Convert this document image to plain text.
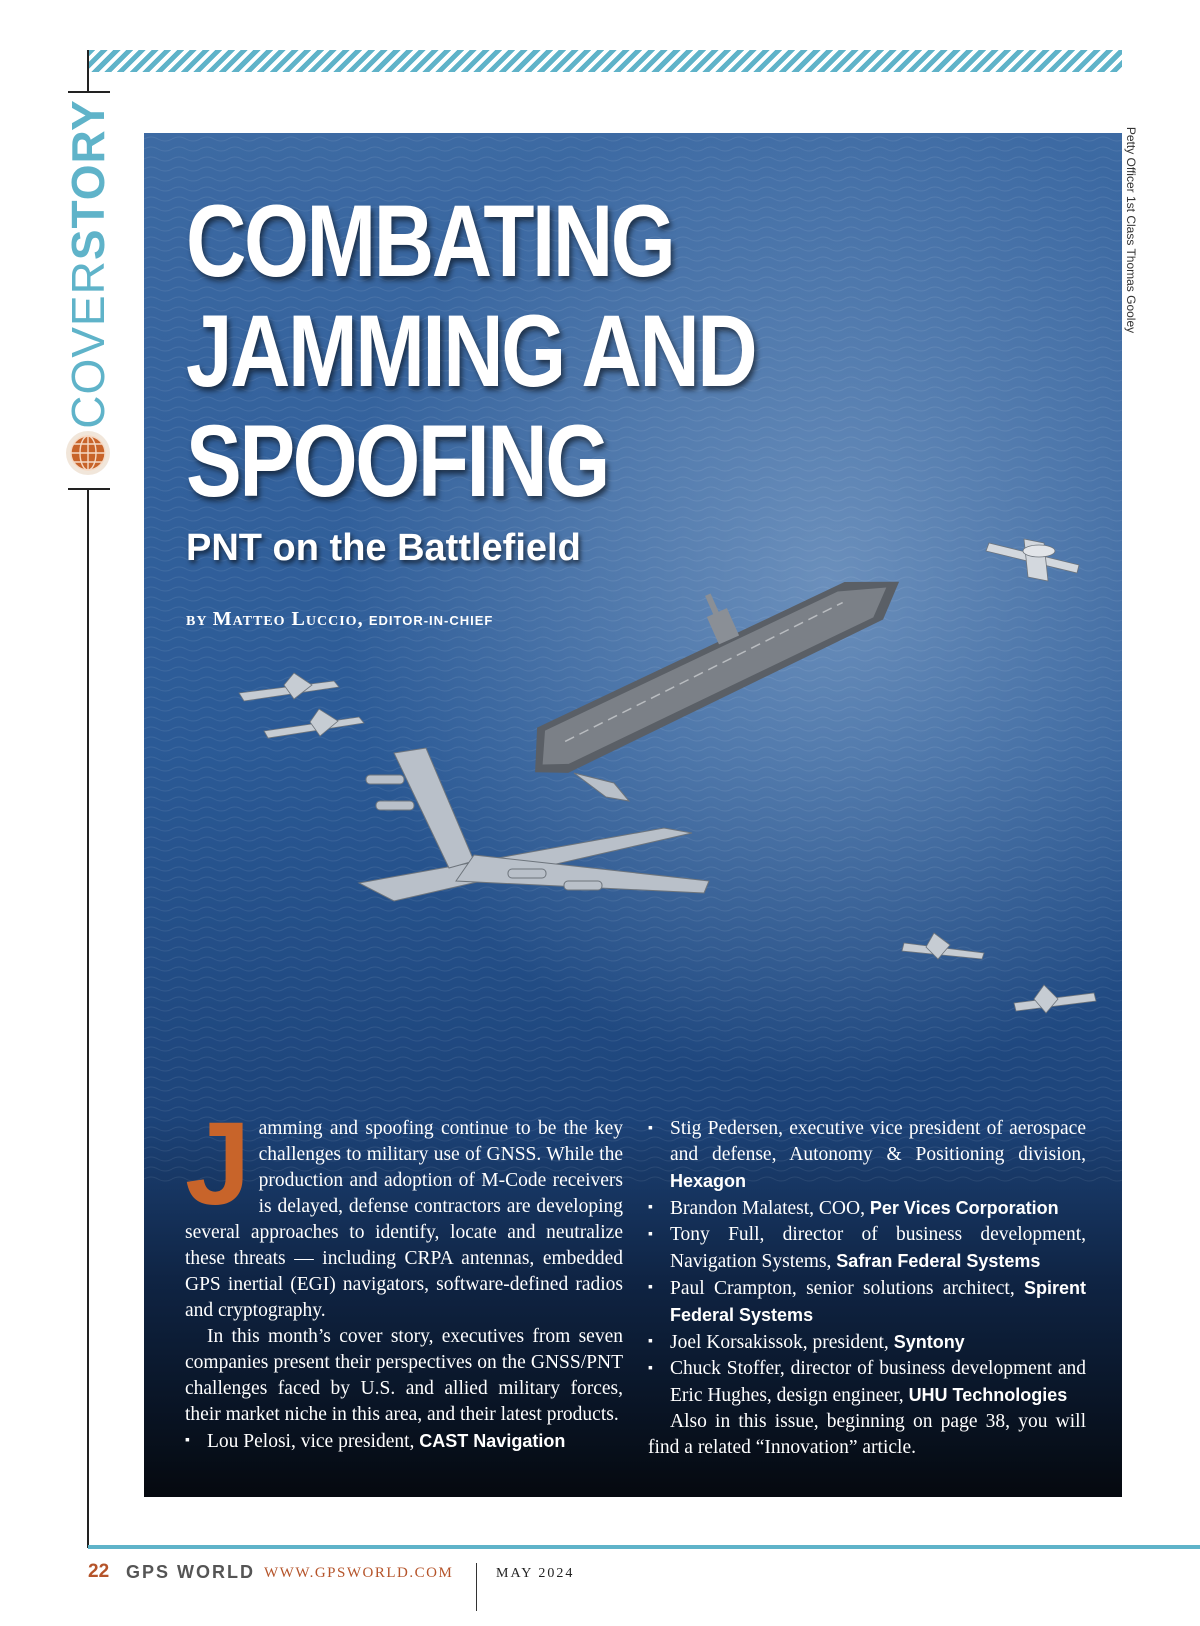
COVERSTORY	Petty Officer 1st Class Thomas Gooley
COMBATING
JAMMING AND
SPOOFING
PNT on the Battlefield
BY Matteo Luccio, EDITOR-IN-CHIEF

Jamming and spoofing continue to be the key challenges to military use of GNSS. While the production and adoption of M-Code receivers is delayed, defense contractors are developing several approaches to identify, locate and neutralize these threats — including CRPA antennas, embedded GPS inertial (EGI) navigators, software-defined radios and cryptography.

In this month’s cover story, executives from seven companies present their perspectives on the GNSS/PNT challenges faced by U.S. and allied military forces, their market niche in this area, and their latest products.

▪ Lou Pelosi, vice president, CAST Navigation
▪ Stig Pedersen, executive vice president of aerospace and defense, Autonomy & Positioning division, Hexagon
▪ Brandon Malatest, COO, Per Vices Corporation
▪ Tony Full, director of business development, Navigation Systems, Safran Federal Systems
▪ Paul Crampton, senior solutions architect, Spirent Federal Systems
▪ Joel Korsakissok, president, Syntony
▪ Chuck Stoffer, director of business development and Eric Hughes, design engineer, UHU Technologies

Also in this issue, beginning on page 38, you will find a related “Innovation” article.

22 GPS WORLD WWW.GPSWORLD.COM	MAY 2024
